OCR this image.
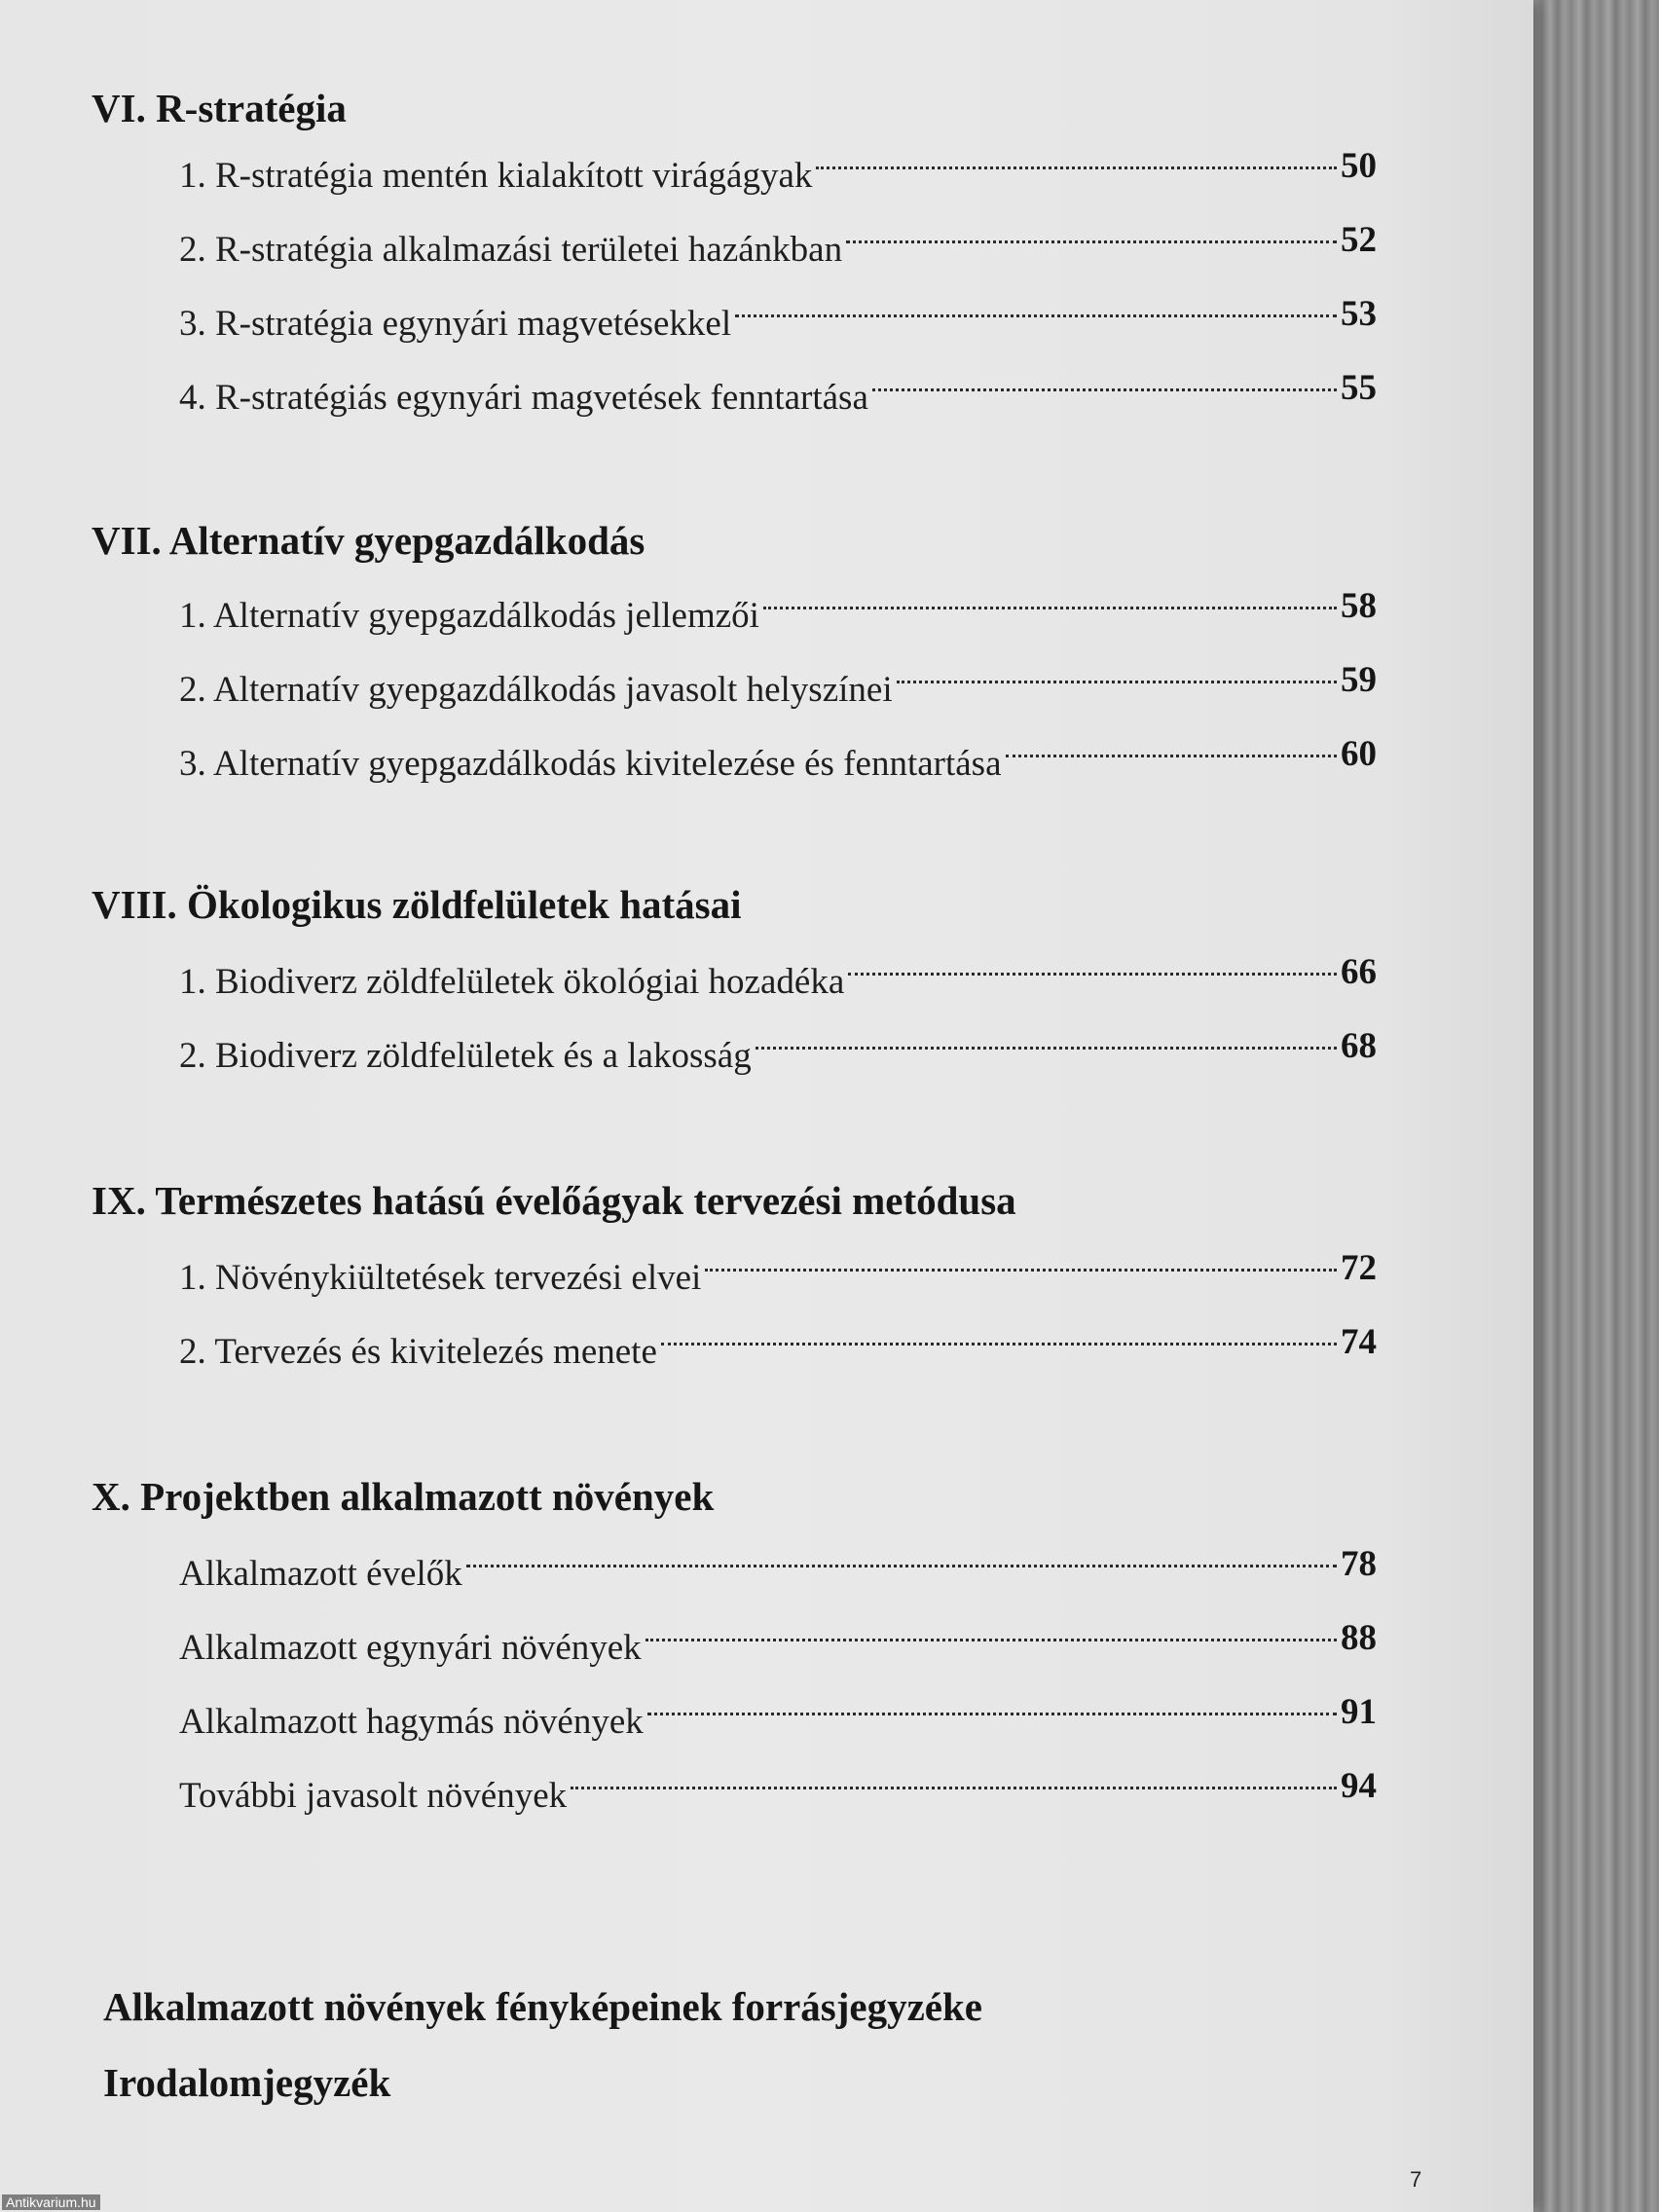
VI. R-stratégia
1. R-stratégia mentén kialakított virágágyak	50
2. R-stratégia alkalmazási területei hazánkban	52
3. R-stratégia egynyári magvetésekkel	53
4. R-stratégiás egynyári magvetések fenntartása	55
VII. Alternatív gyepgazdálkodás
1. Alternatív gyepgazdálkodás jellemzői	58
2. Alternatív gyepgazdálkodás javasolt helyszínei	59
3. Alternatív gyepgazdálkodás kivitelezése és fenntartása	60
VIII. Ökologikus zöldfelületek hatásai
1. Biodiverz zöldfelületek ökológiai hozadéka	66
2. Biodiverz zöldfelületek és a lakosság	68
IX. Természetes hatású évelőágyak tervezési metódusa
1. Növénykiültetések tervezési elvei	72
2. Tervezés és kivitelezés menete	74
X. Projektben alkalmazott növények
Alkalmazott évelők	78
Alkalmazott egynyári növények	88
Alkalmazott hagymás növények	91
További javasolt növények	94
Alkalmazott növények fényképeinek forrásjegyzéke
Irodalomjegyzék
7
Antikvarium.hu
